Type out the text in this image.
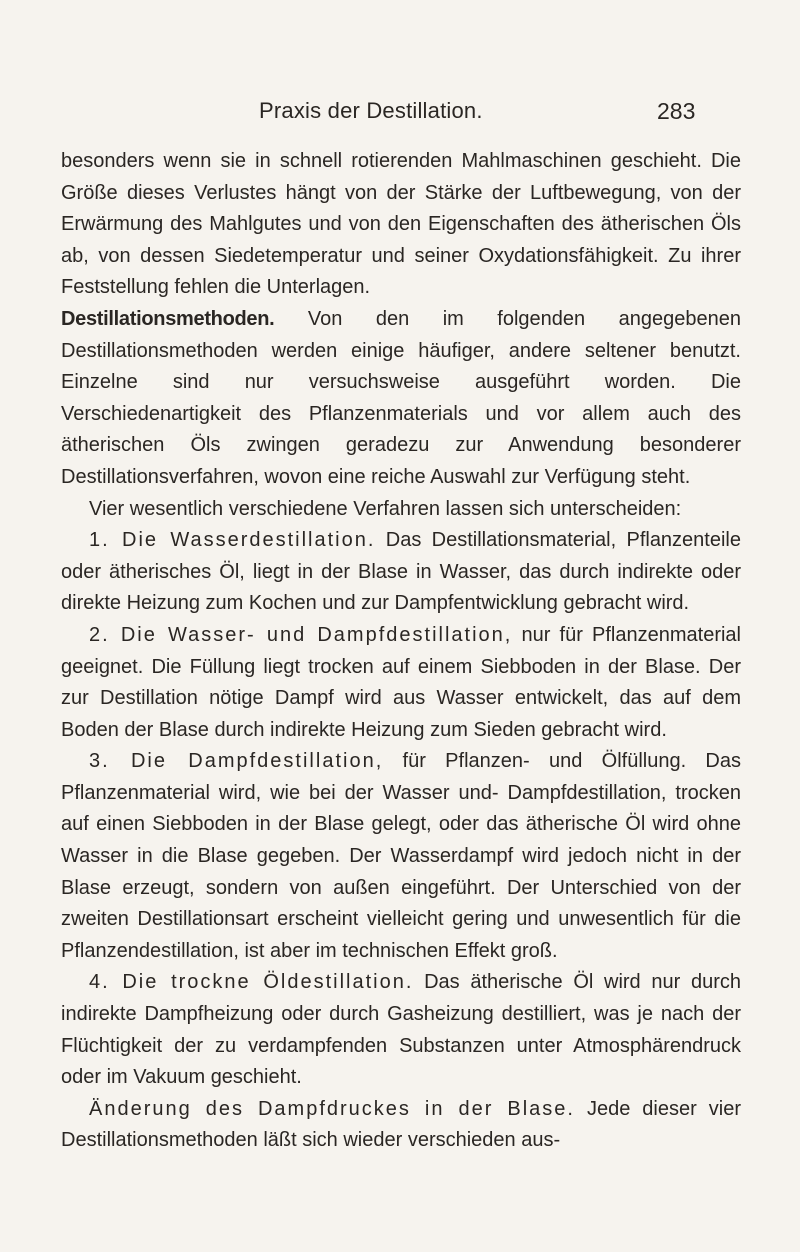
Praxis der Destillation.	283

besonders wenn sie in schnell rotierenden Mahlmaschinen geschieht. Die Größe dieses Verlustes hängt von der Stärke der Luftbewegung, von der Erwärmung des Mahlgutes und von den Eigenschaften des ätherischen Öls ab, von dessen Siedetemperatur und seiner Oxydationsfähigkeit. Zu ihrer Feststellung fehlen die Unterlagen.

Destillationsmethoden. Von den im folgenden angegebenen Destillationsmethoden werden einige häufiger, andere seltener benutzt. Einzelne sind nur versuchsweise ausgeführt worden. Die Verschiedenartigkeit des Pflanzenmaterials und vor allem auch des ätherischen Öls zwingen geradezu zur Anwendung besonderer Destillationsverfahren, wovon eine reiche Auswahl zur Verfügung steht.

Vier wesentlich verschiedene Verfahren lassen sich unterscheiden:

1. Die Wasserdestillation. Das Destillationsmaterial, Pflanzenteile oder ätherisches Öl, liegt in der Blase in Wasser, das durch indirekte oder direkte Heizung zum Kochen und zur Dampfentwicklung gebracht wird.

2. Die Wasser- und Dampfdestillation, nur für Pflanzenmaterial geeignet. Die Füllung liegt trocken auf einem Siebboden in der Blase. Der zur Destillation nötige Dampf wird aus Wasser entwickelt, das auf dem Boden der Blase durch indirekte Heizung zum Sieden gebracht wird.

3. Die Dampfdestillation, für Pflanzen- und Ölfüllung. Das Pflanzenmaterial wird, wie bei der Wasser und- Dampfdestillation, trocken auf einen Siebboden in der Blase gelegt, oder das ätherische Öl wird ohne Wasser in die Blase gegeben. Der Wasserdampf wird jedoch nicht in der Blase erzeugt, sondern von außen eingeführt. Der Unterschied von der zweiten Destillationsart erscheint vielleicht gering und unwesentlich für die Pflanzendestillation, ist aber im technischen Effekt groß.

4. Die trockne Öldestillation. Das ätherische Öl wird nur durch indirekte Dampfheizung oder durch Gasheizung destilliert, was je nach der Flüchtigkeit der zu verdampfenden Substanzen unter Atmosphärendruck oder im Vakuum geschieht.

Änderung des Dampfdruckes in der Blase. Jede dieser vier Destillationsmethoden läßt sich wieder verschieden aus-
